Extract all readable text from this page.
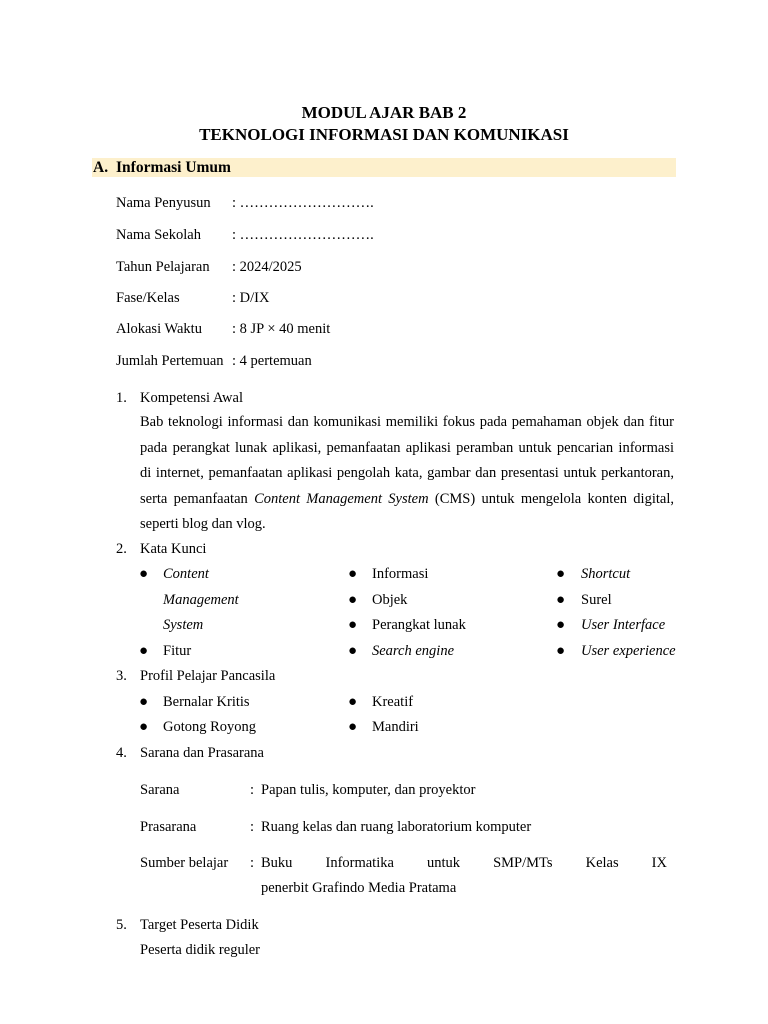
MODUL AJAR BAB 2
TEKNOLOGI INFORMASI DAN KOMUNIKASI
A. Informasi Umum
Nama Penyusun : ……………………….
Nama Sekolah : ……………………….
Tahun Pelajaran : 2024/2025
Fase/Kelas	: D/IX
Alokasi Waktu : 8 JP × 40 menit
Jumlah Pertemuan : 4 pertemuan
1. Kompetensi Awal
Bab teknologi informasi dan komunikasi memiliki fokus pada pemahaman objek dan fitur pada perangkat lunak aplikasi, pemanfaatan aplikasi peramban untuk pencarian informasi di internet, pemanfaatan aplikasi pengolah kata, gambar dan presentasi untuk perkantoran, serta pemanfaatan Content Management System (CMS) untuk mengelola konten digital, seperti blog dan vlog.
2. Kata Kunci
● Content
Management
System
● Fitur
● Informasi
● Objek
● Perangkat lunak
● Search engine
● Shortcut
● Surel
● User Interface
● User experience
3. Profil Pelajar Pancasila
● Bernalar Kritis
● Gotong Royong
● Kreatif
● Mandiri
4. Sarana dan Prasarana
Sarana	: Papan tulis, komputer, dan proyektor
Prasarana	: Ruang kelas dan ruang laboratorium komputer
Sumber belajar : Buku Informatika untuk SMP/MTs Kelas IX
penerbit Grafindo Media Pratama
5. Target Peserta Didik
Peserta didik reguler
